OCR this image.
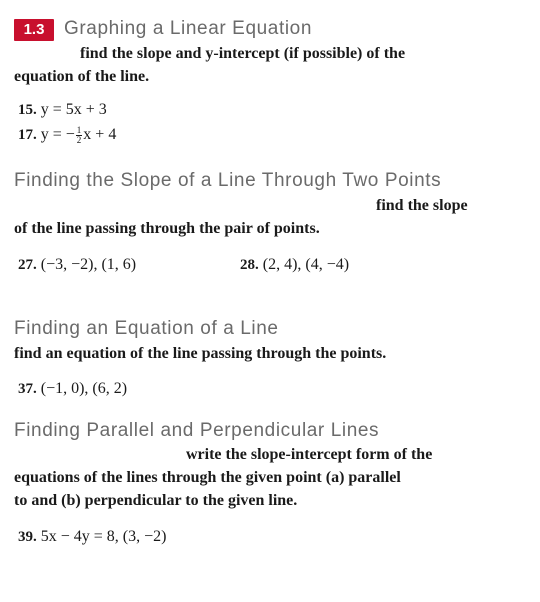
1.3	Graphing a Linear Equation
find the slope and y-intercept (if possible) of the
equation of the line.
15. y = 5x + 3
17. y = − $\frac{1}{2}$ x + 4
Finding the Slope of a Line Through Two Points
find the slope
of the line passing through the pair of points.
27. (−3, −2), (1, 6)	28. (2, 4), (4, −4)
Finding an Equation of a Line
find an equation of the line passing through the points.
37. (−1, 0), (6, 2)
Finding Parallel and Perpendicular Lines
write the slope-intercept form of the
equations of the lines through the given point (a) parallel
to and (b) perpendicular to the given line.
39. 5x − 4y = 8, (3, −2)
